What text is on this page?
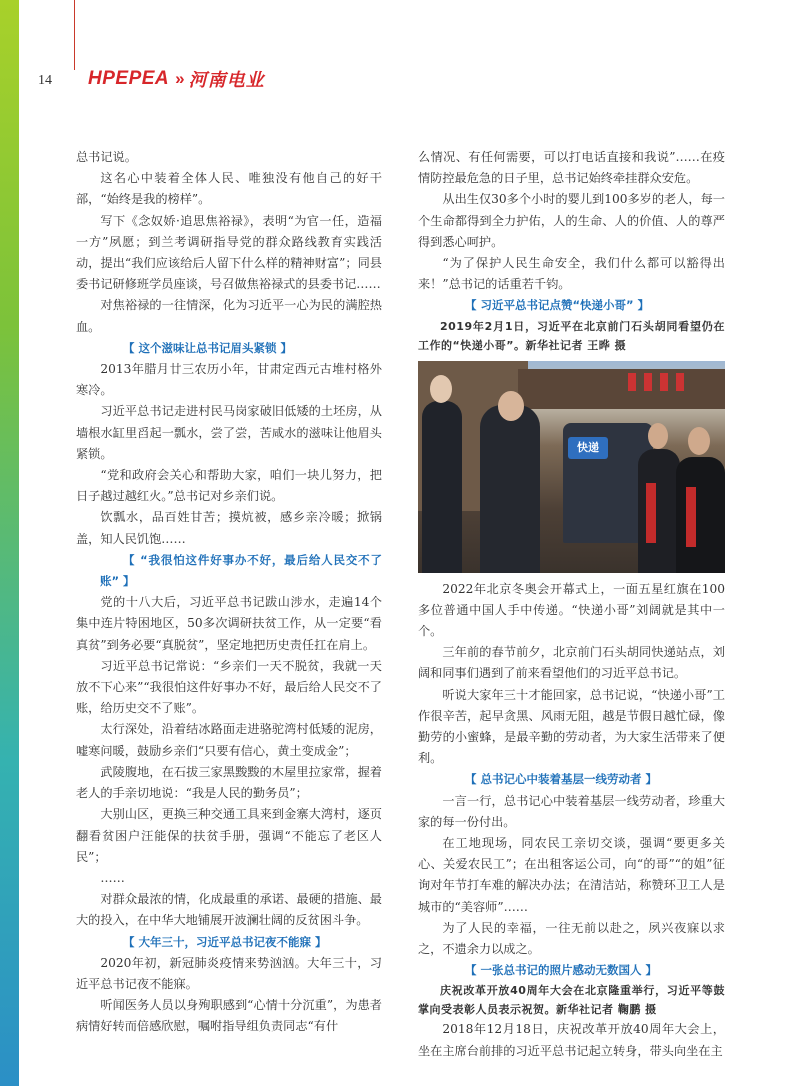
14 HPEPEA » 河南电业

总书记说。

这名心中装着全体人民、唯独没有他自己的好干部，“始终是我的榜样”。

写下《念奴娇·追思焦裕禄》，表明“为官一任，造福一方”夙愿；到兰考调研指导党的群众路线教育实践活动，提出“我们应该给后人留下什么样的精神财富”；同县委书记研修班学员座谈，号召做焦裕禄式的县委书记……

对焦裕禄的一往情深，化为习近平一心为民的满腔热血。

【 这个滋味让总书记眉头紧锁 】

2013年腊月廿三农历小年，甘肃定西元古堆村格外寒冷。

习近平总书记走进村民马岗家破旧低矮的土坯房，从墙根水缸里舀起一瓢水，尝了尝，苦咸水的滋味让他眉头紧锁。

“党和政府会关心和帮助大家，咱们一块儿努力，把日子越过越红火。”总书记对乡亲们说。

饮瓢水，品百姓甘苦；摸炕被，感乡亲冷暖；掀锅盖，知人民饥饱……

【 “我很怕这件好事办不好，最后给人民交不了账” 】

党的十八大后，习近平总书记跋山涉水，走遍14个集中连片特困地区，50多次调研扶贫工作，从一定要“看真贫”到务必要“真脱贫”，坚定地把历史责任扛在肩上。

习近平总书记常说：“乡亲们一天不脱贫，我就一天放不下心来”“我很怕这件好事办不好，最后给人民交不了账，给历史交不了账”。

太行深处，沿着结冰路面走进骆驼湾村低矮的泥房，嘘寒问暖，鼓励乡亲们“只要有信心，黄土变成金”；

武陵腹地，在石拔三家黑黢黢的木屋里拉家常，握着老人的手亲切地说：“我是人民的勤务员”；

大别山区，更换三种交通工具来到金寨大湾村，逐页翻看贫困户汪能保的扶贫手册，强调“不能忘了老区人民”；

……

对群众最浓的情，化成最重的承诺、最硬的措施、最大的投入，在中华大地铺展开波澜壮阔的反贫困斗争。

【 大年三十，习近平总书记夜不能寐 】

2020年初，新冠肺炎疫情来势汹汹。大年三十，习近平总书记夜不能寐。

听闻医务人员以身殉职感到“心情十分沉重”，为患者病情好转而倍感欣慰，嘱咐指导组负责同志“有什

么情况、有任何需要，可以打电话直接和我说”……在疫情防控最危急的日子里，总书记始终牵挂群众安危。

从出生仅30多个小时的婴儿到100多岁的老人，每一个生命都得到全力护佑，人的生命、人的价值、人的尊严得到悉心呵护。

“为了保护人民生命安全，我们什么都可以豁得出来！”总书记的话重若千钧。

【 习近平总书记点赞“快递小哥” 】

2019年2月1日，习近平在北京前门石头胡同看望仍在工作的“快递小哥”。新华社记者 王晔 摄

快递

2022年北京冬奥会开幕式上，一面五星红旗在100多位普通中国人手中传递。“快递小哥”刘阔就是其中一个。

三年前的春节前夕，北京前门石头胡同快递站点，刘阔和同事们遇到了前来看望他们的习近平总书记。

听说大家年三十才能回家，总书记说，“快递小哥”工作很辛苦，起早贪黑、风雨无阻，越是节假日越忙碌，像勤劳的小蜜蜂，是最辛勤的劳动者，为大家生活带来了便利。

【 总书记心中装着基层一线劳动者 】

一言一行，总书记心中装着基层一线劳动者，珍重大家的每一份付出。

在工地现场，同农民工亲切交谈，强调“要更多关心、关爱农民工”；在出租客运公司，向“的哥”“的姐”征询对年节打车难的解决办法；在清洁站，称赞环卫工人是城市的“美容师”……

为了人民的幸福，一往无前以赴之，夙兴夜寐以求之，不遗余力以成之。

【 一张总书记的照片感动无数国人 】

庆祝改革开放40周年大会在北京隆重举行，习近平等鼓掌向受表彰人员表示祝贺。新华社记者 鞠鹏 摄

2018年12月18日，庆祝改革开放40周年大会上，坐在主席台前排的习近平总书记起立转身，带头向坐在主
